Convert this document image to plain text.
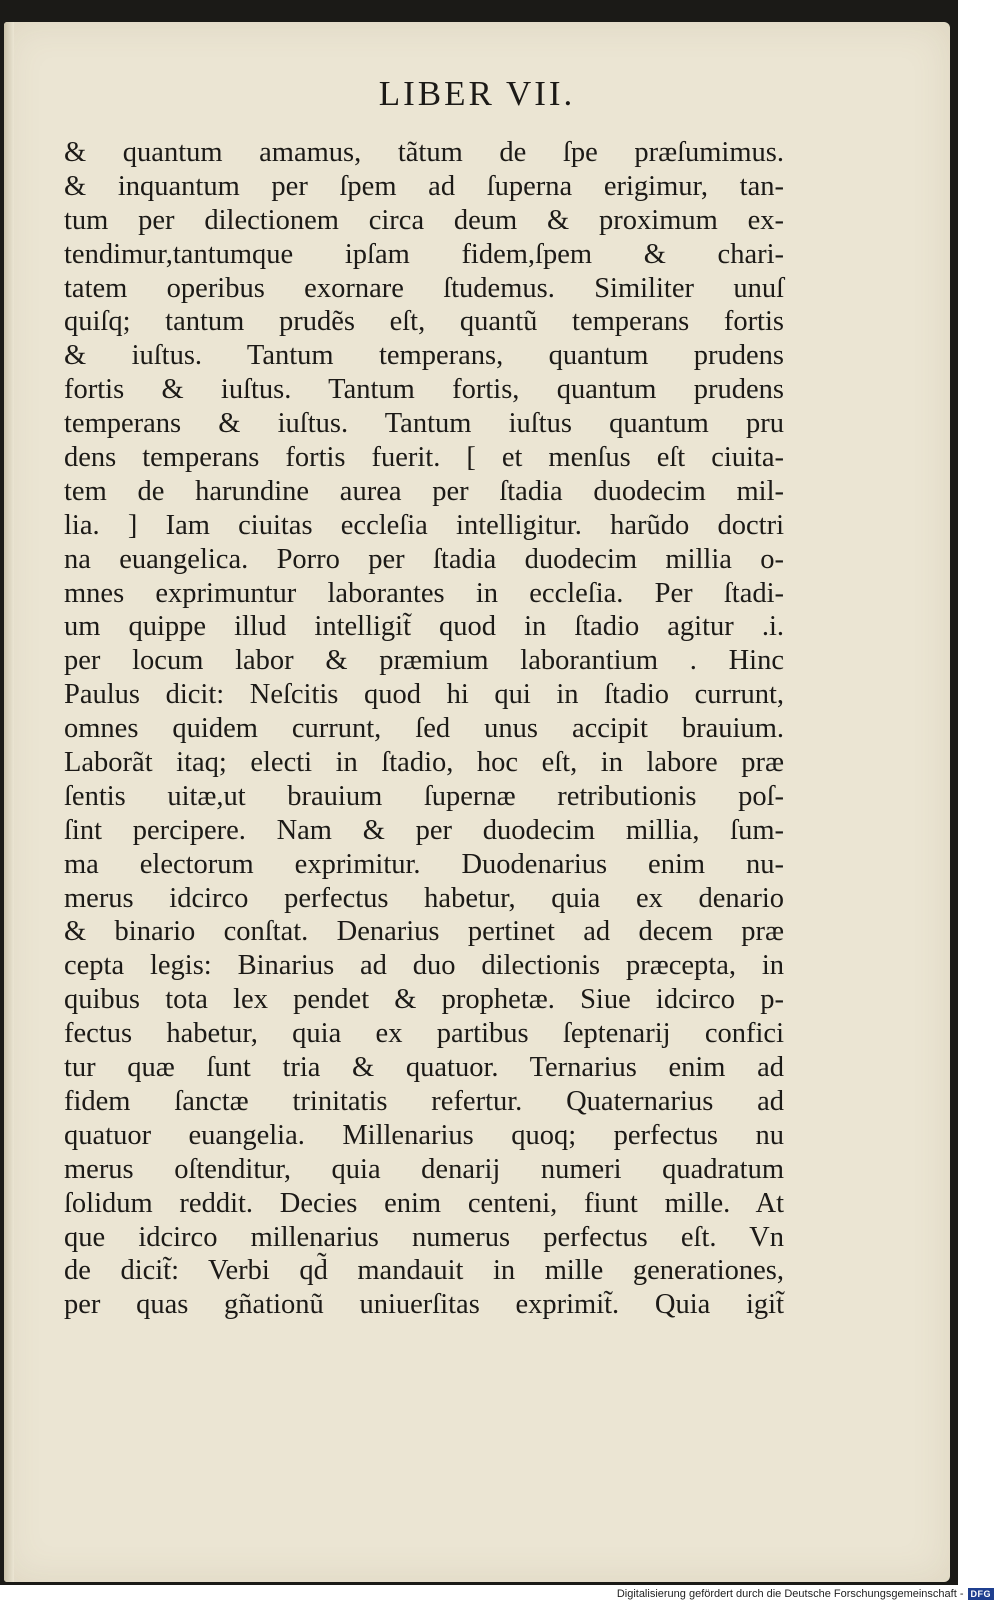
LIBER VII.
& quantum amamus, tãtum de ſpe præſumimus.
& inquantum per ſpem ad ſuperna erigimur, tan-
tum per dilectionem circa deum & proximum ex-
tendimur,tantumque ipſam fidem,ſpem & chari-
tatem operibus exornare ſtudemus. Similiter unuſ
quiſq; tantum prudẽs eſt, quantũ temperans fortis
& iuſtus. Tantum temperans, quantum prudens
fortis & iuſtus. Tantum fortis, quantum prudens
temperans & iuſtus. Tantum iuſtus quantum pru
dens temperans fortis fuerit. [ et menſus eſt ciuita-
tem de harundine aurea per ſtadia duodecim mil-
lia. ] Iam ciuitas eccleſia intelligitur. harũdo doctri
na euangelica. Porro per ſtadia duodecim millia o-
mnes exprimuntur laborantes in eccleſia. Per ſtadi-
um quippe illud intelligit̃ quod in ſtadio agitur .i.
per locum labor & præmium laborantium . Hinc
Paulus dicit: Neſcitis quod hi qui in ſtadio currunt,
omnes quidem currunt, ſed unus accipit brauium.
Laborãt itaq; electi in ſtadio, hoc eſt, in labore præ
ſentis uitæ,ut brauium ſupernæ retributionis poſ-
ſint percipere. Nam & per duodecim millia, ſum-
ma electorum exprimitur. Duodenarius enim nu-
merus idcirco perfectus habetur, quia ex denario
& binario conſtat. Denarius pertinet ad decem præ
cepta legis: Binarius ad duo dilectionis præcepta, in
quibus tota lex pendet & prophetæ. Siue idcirco p-
fectus habetur, quia ex partibus ſeptenarij confici
tur quæ ſunt tria & quatuor. Ternarius enim ad
fidem ſanctæ trinitatis refertur. Quaternarius ad
quatuor euangelia. Millenarius quoq; perfectus nu
merus oſtenditur, quia denarij numeri quadratum
ſolidum reddit. Decies enim centeni, fiunt mille. At
que idcirco millenarius numerus perfectus eſt. Vn
de dicit̃: Verbi qd̃ mandauit in mille generationes,
per quas gñationũ uniuerſitas exprimit̃. Quia igit̃
Digitalisierung gefördert durch die Deutsche Forschungsgemeinschaft - DFG
